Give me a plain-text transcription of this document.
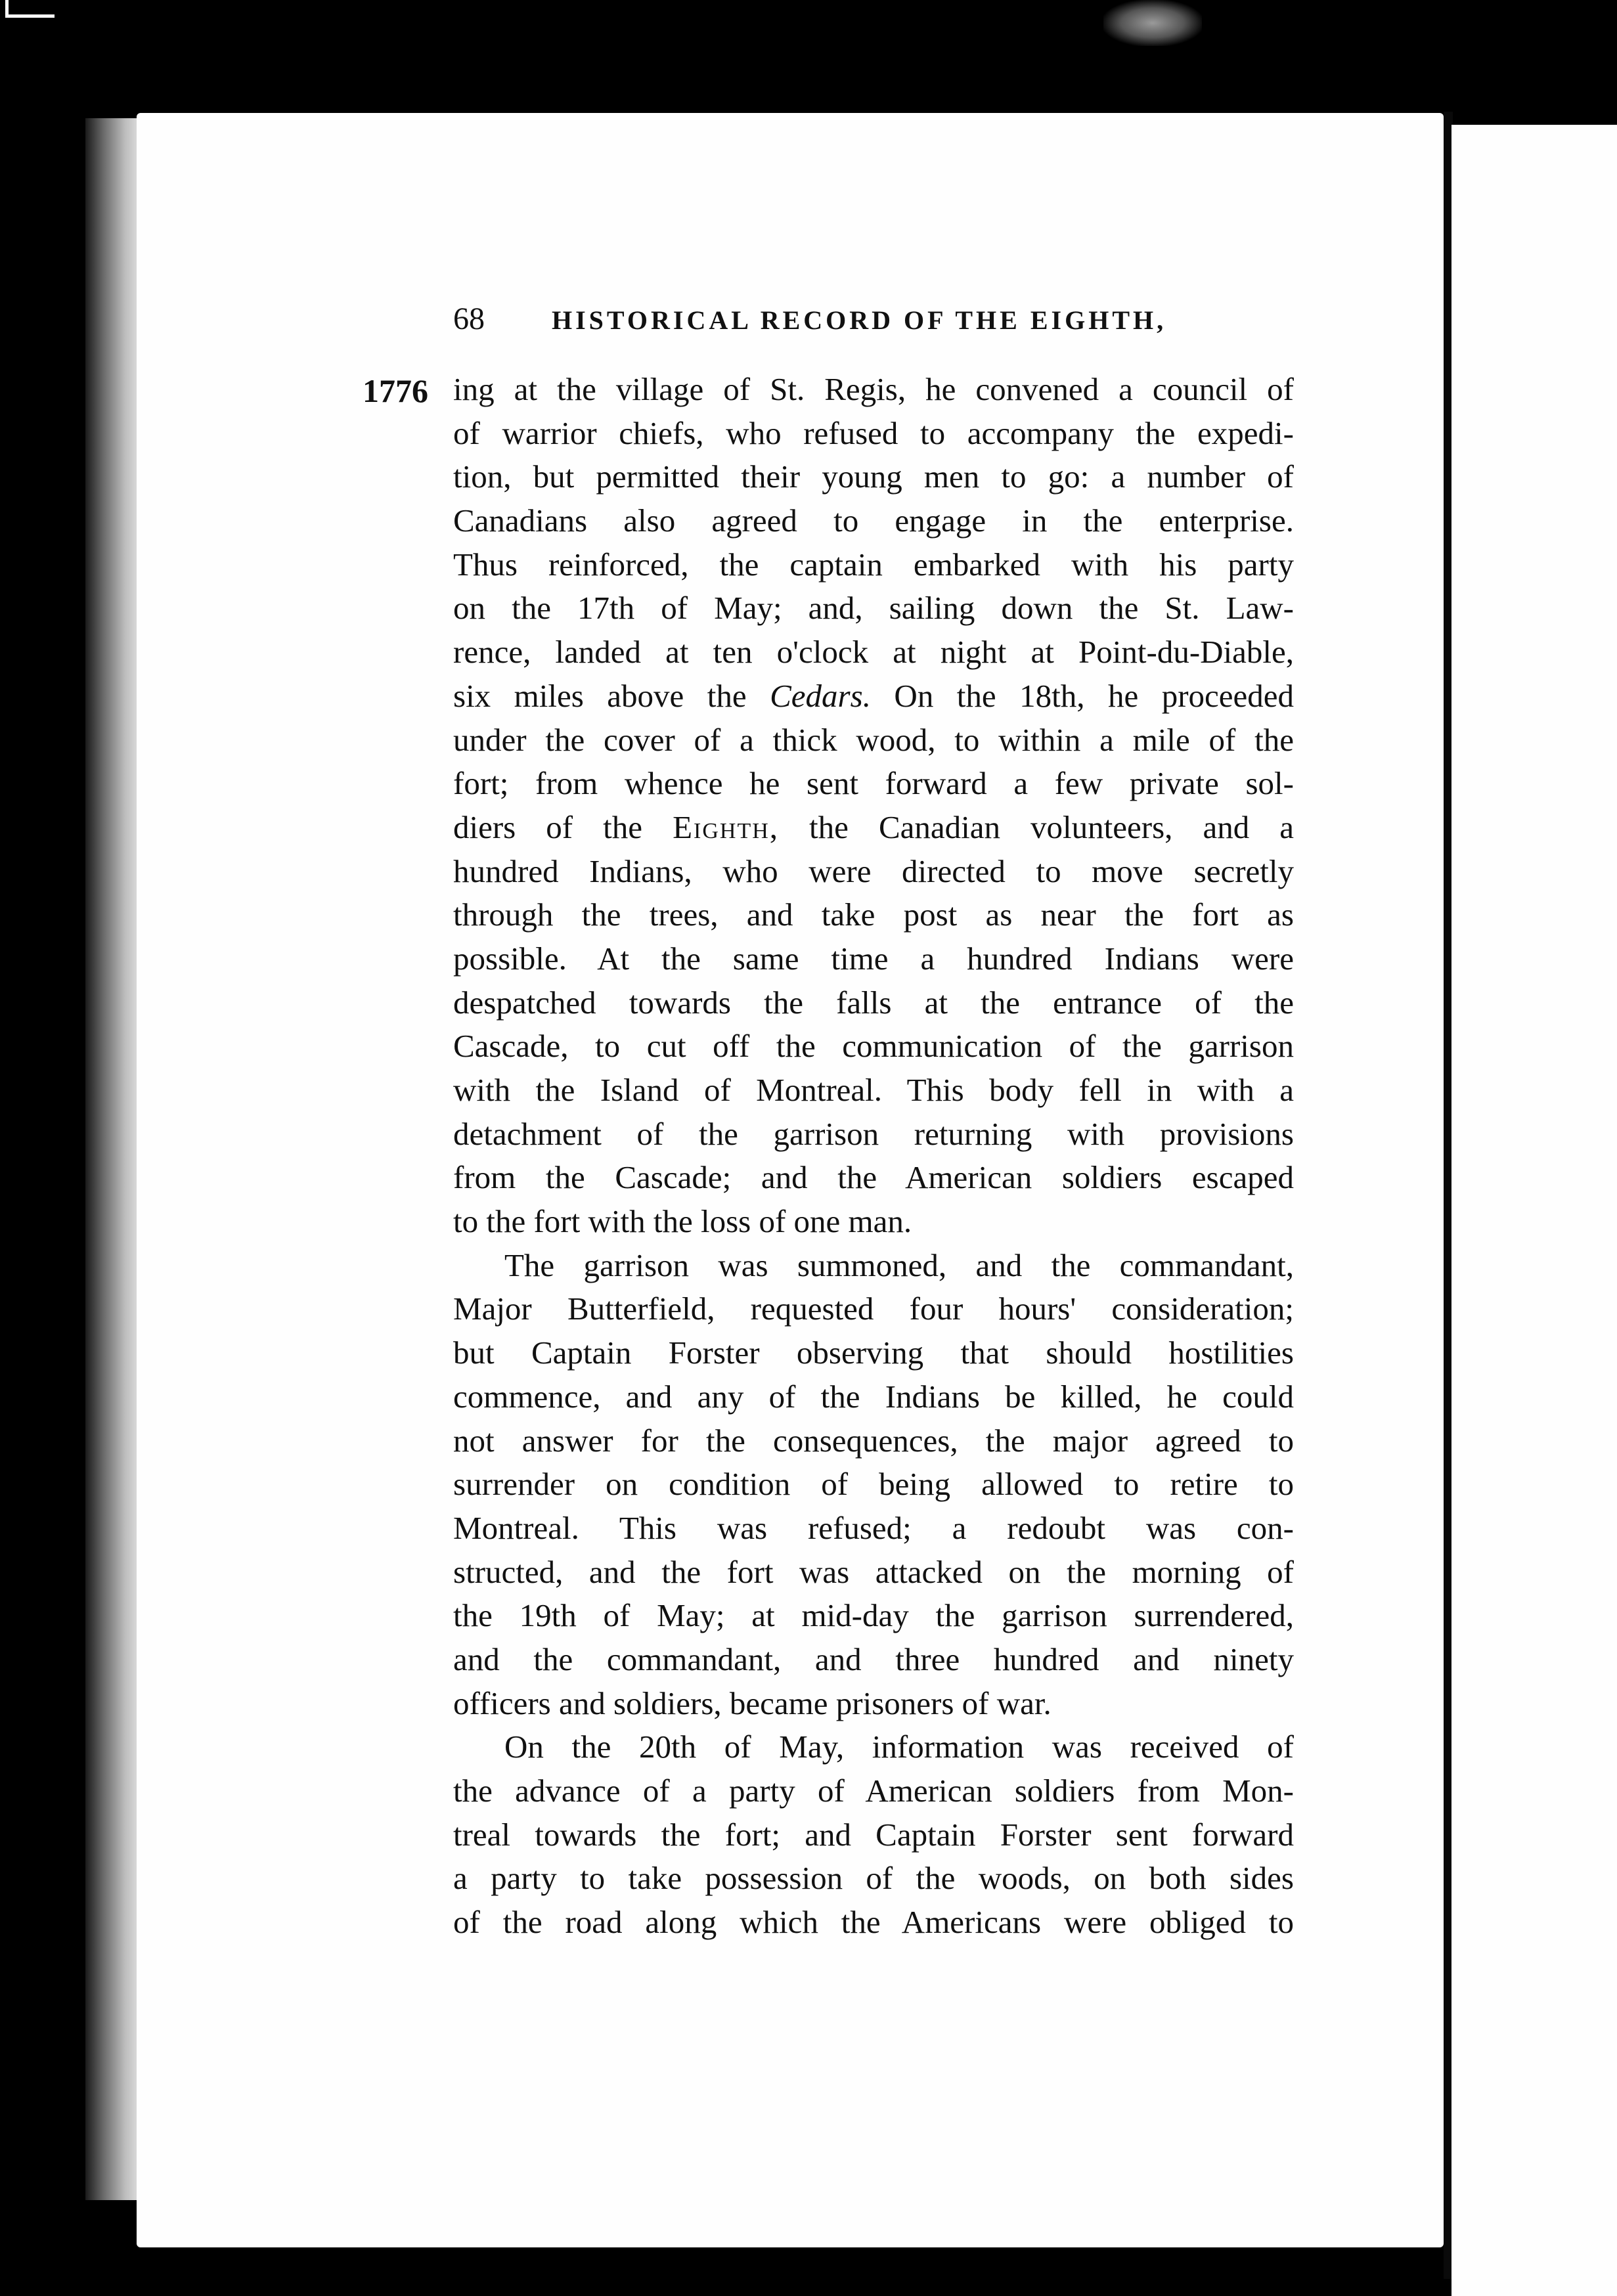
68	HISTORICAL RECORD OF THE EIGHTH,
1776 ing at the village of St. Regis, he convened a council of
of warrior chiefs, who refused to accompany the expedi-
tion, but permitted their young men to go: a number of
Canadians also agreed to engage in the enterprise.
Thus reinforced, the captain embarked with his party
on the 17th of May; and, sailing down the St. Law-
rence, landed at ten o'clock at night at Point-du-Diable,
six miles above the Cedars. On the 18th, he proceeded
under the cover of a thick wood, to within a mile of the
fort; from whence he sent forward a few private sol-
diers of the Eighth, the Canadian volunteers, and a
hundred Indians, who were directed to move secretly
through the trees, and take post as near the fort as
possible. At the same time a hundred Indians were
despatched towards the falls at the entrance of the
Cascade, to cut off the communication of the garrison
with the Island of Montreal. This body fell in with a
detachment of the garrison returning with provisions
from the Cascade; and the American soldiers escaped
to the fort with the loss of one man.
The garrison was summoned, and the commandant,
Major Butterfield, requested four hours' consideration;
but Captain Forster observing that should hostilities
commence, and any of the Indians be killed, he could
not answer for the consequences, the major agreed to
surrender on condition of being allowed to retire to
Montreal. This was refused; a redoubt was con-
structed, and the fort was attacked on the morning of
the 19th of May; at mid-day the garrison surrendered,
and the commandant, and three hundred and ninety
officers and soldiers, became prisoners of war.
On the 20th of May, information was received of
the advance of a party of American soldiers from Mon-
treal towards the fort; and Captain Forster sent forward
a party to take possession of the woods, on both sides
of the road along which the Americans were obliged to
